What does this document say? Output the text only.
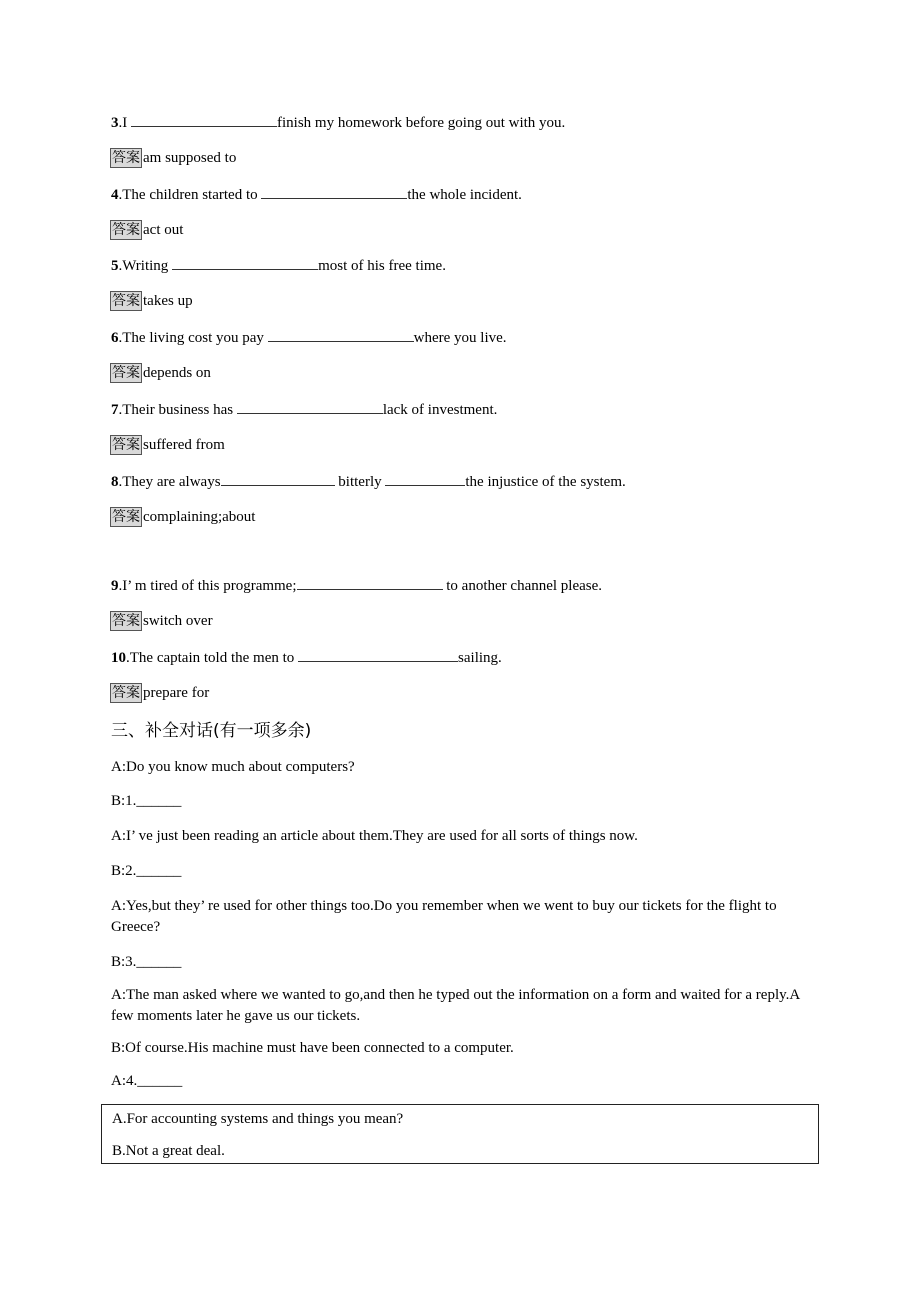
3.I	finish my homework before going out with you.
答案 am supposed to
4.The children started to	the whole incident.
答案 act out
5.Writing	most of his free time.
答案 takes up
6.The living cost you pay	where you live.
答案 depends on
7.Their business has	lack of investment.
答案 suffered from
8.They are always	bitterly	the injustice of the system.
答案 complaining;about
9.I’ m tired of this programme;	to another channel please.
答案 switch over
10.The captain told the men to	sailing.
答案 prepare for
三、补全对话(有一项多余)
A:Do you know much about computers?
B:1.______
A:I’ ve just been reading an article about them.They are used for all sorts of things now.
B:2.______
A:Yes,but they’ re used for other things too.Do you remember when we went to buy our tickets for the flight to Greece?
B:3.______
A:The man asked where we wanted to go,and then he typed out the information on a form and waited for a reply.A few moments later he gave us our tickets.
B:Of course.His machine must have been connected to a computer.
A:4.______
A.For accounting systems and things you mean?
B.Not a great deal.
